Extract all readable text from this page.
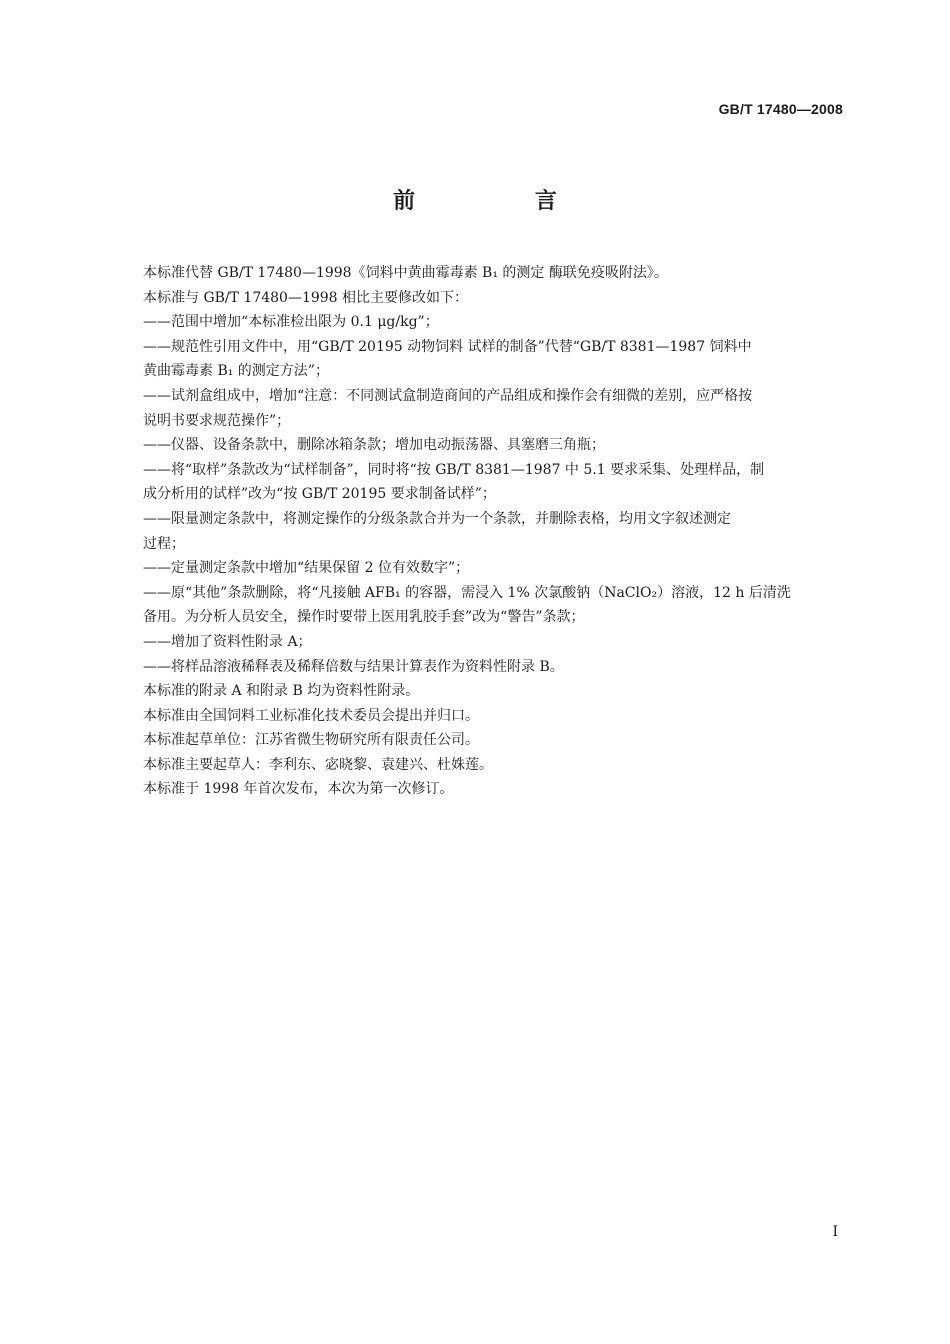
GB/T 17480—2008
前 言

本标准代替 GB/T 17480—1998《饲料中黄曲霉毒素 B₁ 的测定 酶联免疫吸附法》。

本标准与 GB/T 17480—1998 相比主要修改如下：

——范围中增加“本标准检出限为 0.1 μg/kg”；

——规范性引用文件中，用“GB/T 20195 动物饲料 试样的制备”代替“GB/T 8381—1987 饲料中
黄曲霉毒素 B₁ 的测定方法”；

——试剂盒组成中，增加“注意：不同测试盒制造商间的产品组成和操作会有细微的差别，应严格按
说明书要求规范操作”；

——仪器、设备条款中，删除冰箱条款；增加电动振荡器、具塞磨三角瓶；

——将“取样”条款改为“试样制备”，同时将“按 GB/T 8381—1987 中 5.1 要求采集、处理样品，制
成分析用的试样”改为“按 GB/T 20195 要求制备试样”；

——限量测定条款中，将测定操作的分级条款合并为一个条款，并删除表格，均用文字叙述测定
过程；

——定量测定条款中增加“结果保留 2 位有效数字”；

——原“其他”条款删除，将“凡接触 AFB₁ 的容器，需浸入 1% 次氯酸钠（NaClO₂）溶液，12 h 后清洗
备用。为分析人员安全，操作时要带上医用乳胶手套”改为“警告”条款；

——增加了资料性附录 A；

——将样品溶液稀释表及稀释倍数与结果计算表作为资料性附录 B。

本标准的附录 A 和附录 B 均为资料性附录。

本标准由全国饲料工业标准化技术委员会提出并归口。

本标准起草单位：江苏省微生物研究所有限责任公司。

本标准主要起草人：李利东、宓晓黎、袁建兴、杜姝莲。

本标准于 1998 年首次发布，本次为第一次修订。

I
